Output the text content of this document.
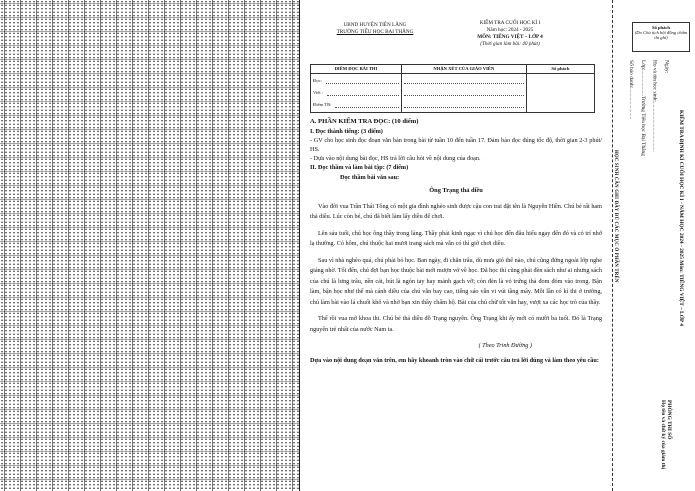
UBND HUYỆN TIÊN LÃNG
TRƯỜNG TIỂU HỌC BẠI THẮNG
KIỂM TRA CUỐI HỌC KÌ I
Năm học: 2024 - 2025
MÔN: TIẾNG VIỆT – LỚP 4
(Thời gian làm bài: 40 phút)
ĐIỂM ĐỌC BÀI THI	NHẬN XÉT CỦA GIÁO VIÊN	Số phách

Đọc:
Viết :
Điểm TB:		

A. PHẦN KIỂM TRA ĐỌC: (10 điểm)

I. Đọc thành tiếng: (3 điểm)

- GV cho học sinh đọc đoạn văn bản trong bài từ tuần 10 đến tuần 17. Đảm bảo đọc đúng tốc độ, thời gian 2-3 phút/ HS.

- Dựa vào nội dung bài đọc, HS trả lời câu hỏi về nội dung của đoạn.

II. Đọc thầm và làm bài tập: (7 điểm)

Đọc thầm bài văn sau:

Ông Trạng thả diều

Vào đời vua Trần Thái Tông có một gia đình nghèo sinh được cậu con trai đặt tên là Nguyễn Hiền. Chú bé rất ham thả diều. Lúc còn bé, chú đã biết làm lấy diều để chơi.

Lên sáu tuổi, chú học ông thầy trong làng. Thầy phải kinh ngạc vì chú học đến đâu hiểu ngay đến đó và có trí nhớ lạ thường. Có hôm, chú thuộc hai mươi trang sách mà vẫn có thì giờ chơi diều.

Sau vì nhà nghèo quá, chú phải bỏ học. Ban ngày, đi chăn trâu, dù mưa gió thế nào, chú cũng đứng ngoài lớp nghe giảng nhờ. Tối đến, chú đợi bạn học thuộc bài mới mượn vở về học. Đã học thì cũng phải đèn sách như ai nhưng sách của chú là lưng trâu, nền cát, bút là ngón tay hay mảnh gạch vỡ; còn đèn là vỏ trứng thả đom đóm vào trong. Bận làm, bận học như thế mà cánh diều của chú vẫn bay cao, tiếng sáo vẫn vi vút tầng mây. Mỗi lần có kì thi ở trường, chú làm bài vào lá chuối khô và nhờ bạn xin thầy chấm hộ. Bài của chú chữ tốt văn hay, vượt xa các học trò của thầy.

Thế rồi vua mở khoa thi. Chú bé thả diều đỗ Trạng nguyên. Ông Trạng khi ấy mới có mười ba tuổi. Đó là Trạng nguyên trẻ nhất của nước Nam ta.

( Theo Trinh Đường )

Dựa vào nội dung đoạn văn trên, em hãy khoanh tròn vào chữ cái trước câu trả lời đúng và làm theo yêu cầu:

HỌC SINH CẦN GHI ĐẦY ĐỦ CÁC MỤC Ở PHẦN TRÊN
Số phách
(Do Chủ tịch hội đồng chấm thi ghi)
Ngày:
Họ và tên học sinh:.....................................
Lớp:...................Trường Tiểu học Bại Thắng
Số báo danh:.......................
KIỂM TRA ĐỊNH KÌ CUỐI HỌC KÌ I - NĂM HỌC 2024 - 2025 Môn: TIẾNG VIỆT – LỚP 4
PHÒNG THI SỐ
Họ tên và chữ ký của giám thị
